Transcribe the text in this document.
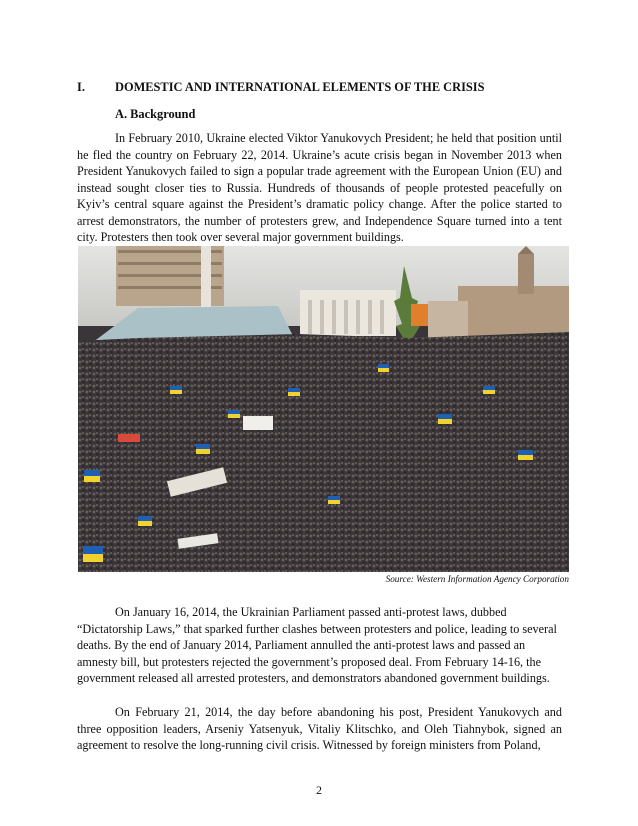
I. DOMESTIC AND INTERNATIONAL ELEMENTS OF THE CRISIS
A. Background

In February 2010, Ukraine elected Viktor Yanukovych President; he held that position until he fled the country on February 22, 2014. Ukraine’s acute crisis began in November 2013 when President Yanukovych failed to sign a popular trade agreement with the European Union (EU) and instead sought closer ties to Russia. Hundreds of thousands of people protested peacefully on Kyiv’s central square against the President’s dramatic policy change. After the police started to arrest demonstrators, the number of protesters grew, and Independence Square turned into a tent city. Protesters then took over several major government buildings.

Source: Western Information Agency Corporation

On January 16, 2014, the Ukrainian Parliament passed anti-protest laws, dubbed “Dictatorship Laws,” that sparked further clashes between protesters and police, leading to several deaths. By the end of January 2014, Parliament annulled the anti-protest laws and passed an amnesty bill, but protesters rejected the government’s proposed deal. From February 14-16, the government released all arrested protesters, and demonstrators abandoned government buildings.

On February 21, 2014, the day before abandoning his post, President Yanukovych and three opposition leaders, Arseniy Yatsenyuk, Vitaliy Klitschko, and Oleh Tiahnybok, signed an agreement to resolve the long-running civil crisis. Witnessed by foreign ministers from Poland,

2
